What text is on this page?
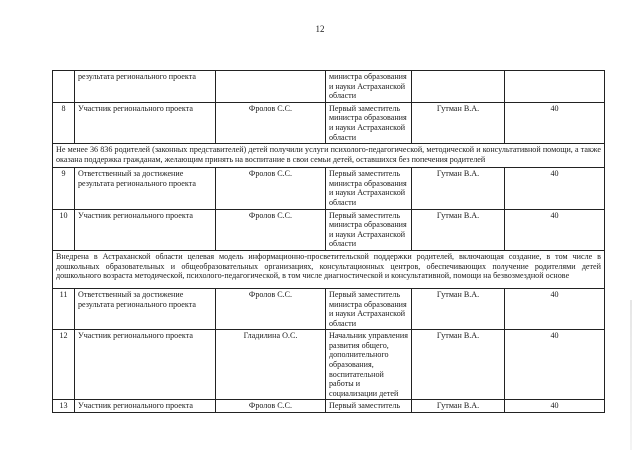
12
	результата регионального проекта		министра образования и науки Астраханской области		
8	Участник регионального проекта	Фролов С.С.	Первый заместитель министра образования и науки Астраханской области	Гутман В.А.	40
Не менее 36 836 родителей (законных представителей) детей получили услуги психолого-педагогической, методической и консультативной помощи, а также оказана поддержка гражданам, желающим принять на воспитание в свои семьи детей, оставшихся без попечения родителей					
9	Ответственный за достижение результата регионального проекта	Фролов С.С.	Первый заместитель министра образования и науки Астраханской области	Гутман В.А.	40
10	Участник регионального проекта	Фролов С.С.	Первый заместитель министра образования и науки Астраханской области	Гутман В.А.	40
Внедрена в Астраханской области целевая модель информационно-просветительской поддержки родителей, включающая создание, в том числе в дошкольных образовательных и общеобразовательных организациях, консультационных центров, обеспечивающих получение родителями детей дошкольного возраста методической, психолого-педагогической, в том числе диагностической и консультативной, помощи на безвозмездной основе					
11	Ответственный за достижение результата регионального проекта	Фролов С.С.	Первый заместитель министра образования и науки Астраханской области	Гутман В.А.	40
12	Участник регионального проекта	Гладилина О.С.	Начальник управления развития общего, дополнительного образования, воспитательной работы и социализации детей	Гутман В.А.	40
13	Участник регионального проекта	Фролов С.С.	Первый заместитель	Гутман В.А.	40
